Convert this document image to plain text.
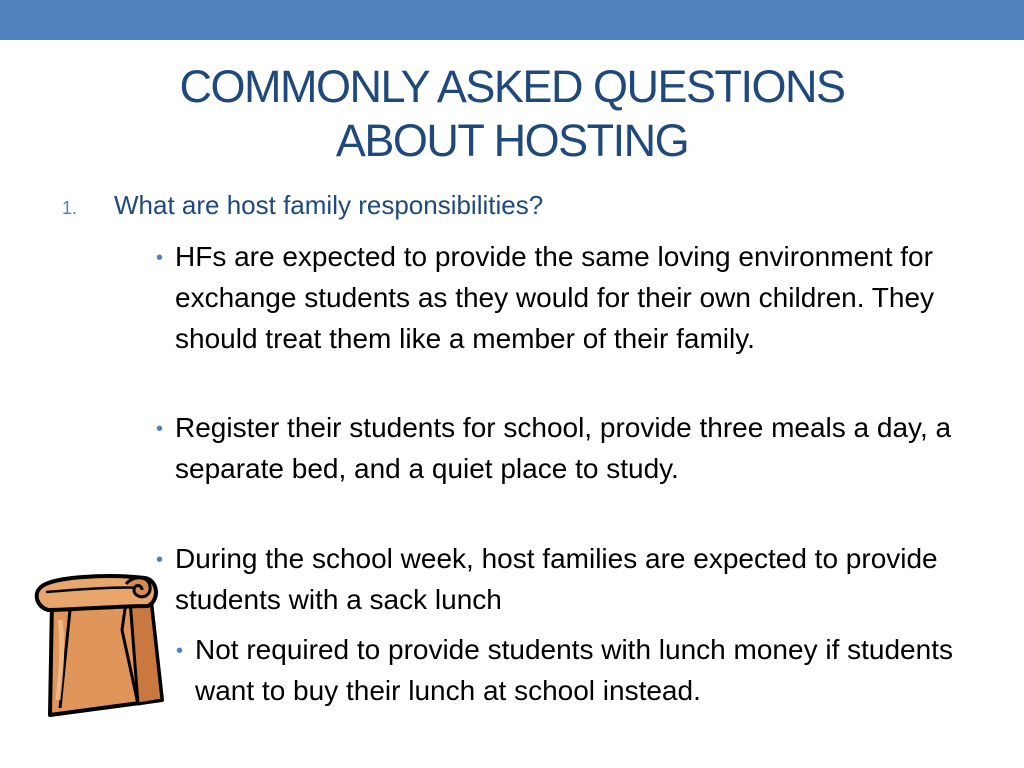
COMMONLY ASKED QUESTIONS
ABOUT HOSTING
1.	What are host family responsibilities?
• HFs are expected to provide the same loving environment for exchange students as they would for their own children. They should treat them like a member of their family.
• Register their students for school, provide three meals a day, a separate bed, and a quiet place to study.
• During the school week, host families are expected to provide students with a sack lunch
• Not required to provide students with lunch money if students want to buy their lunch at school instead.
